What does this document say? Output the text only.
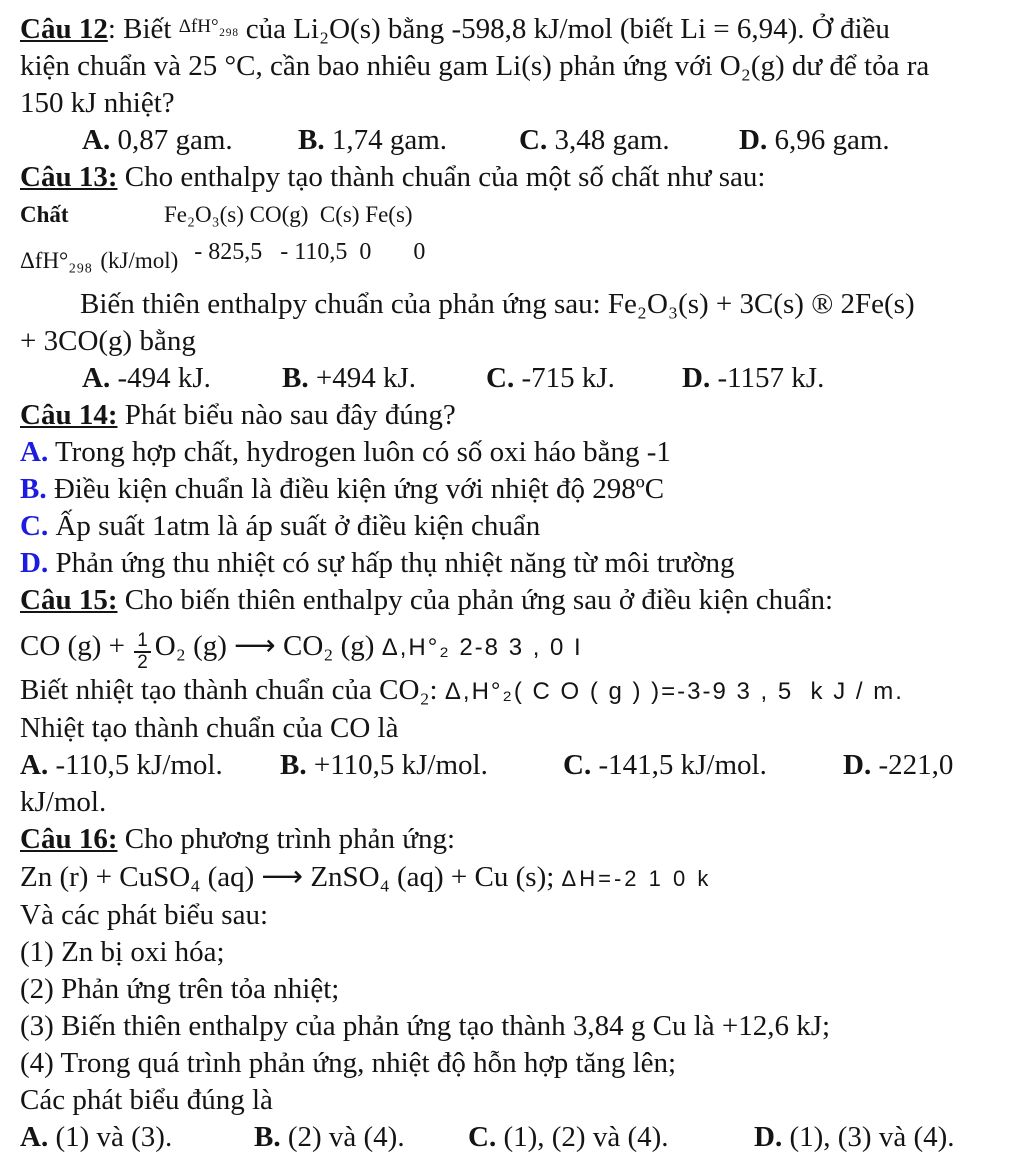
Câu 12: Biết $^{\Delta fH^\circ_{298}}$ của Li₂O(s) bằng -598,8 kJ/mol (biết Li = 6,94). Ở điều

kiện chuẩn và 25 °C, cần bao nhiêu gam Li(s) phản ứng với O₂(g) dư để tỏa ra

150 kJ nhiệt?

A. 0,87 gam.	B. 1,74 gam.	C. 3,48 gam.	D. 6,96 gam.

Câu 13: Cho enthalpy tạo thành chuẩn của một số chất như sau:

Chất	Fe₂O₃(s) CO(g)  C(s) Fe(s)
ΔfH°₂₉₈ (kJ/mol) - 825,5   - 110,5  0       0

Biến thiên enthalpy chuẩn của phản ứng sau: Fe₂O₃(s) + 3C(s) ® 2Fe(s)

+ 3CO(g) bằng

A. -494 kJ.	B. +494 kJ.	C. -715 kJ.	D. -1157 kJ.

Câu 14: Phát biểu nào sau đây đúng?

A. Trong hợp chất, hydrogen luôn có số oxi háo bằng -1

B. Điều kiện chuẩn là điều kiện ứng với nhiệt độ 298ºC

C. Ấp suất 1atm là áp suất ở điều kiện chuẩn

D. Phản ứng thu nhiệt có sự hấp thụ nhiệt năng từ môi trường

Câu 15: Cho biến thiên enthalpy của phản ứng sau ở điều kiện chuẩn:

CO $(g) + \frac{1}{2} O_2$ (g) ⟶ CO₂ (g) Δ,H°₂ 2-8 3 , 0 I

Biết nhiệt tạo thành chuẩn của CO₂: Δ,H°₂( C O ( g ) )=-3-9 3 , 5  k J / m.

Nhiệt tạo thành chuẩn của CO là

A. -110,5 kJ/mol.	B. +110,5 kJ/mol.	C. -141,5 kJ/mol.	D. -221,0

kJ/mol.

Câu 16: Cho phương trình phản ứng:

Zn (r) + CuSO₄ (aq) ⟶ ZnSO₄ (aq) + Cu (s); ΔH=-2 1 0 k

Và các phát biểu sau:

(1) Zn bị oxi hóa;

(2) Phản ứng trên tỏa nhiệt;

(3) Biến thiên enthalpy của phản ứng tạo thành 3,84 g Cu là +12,6 kJ;

(4) Trong quá trình phản ứng, nhiệt độ hỗn hợp tăng lên;

Các phát biểu đúng là

A. (1) và (3).	B. (2) và (4).	C. (1), (2) và (4).	D. (1), (3) và (4).
